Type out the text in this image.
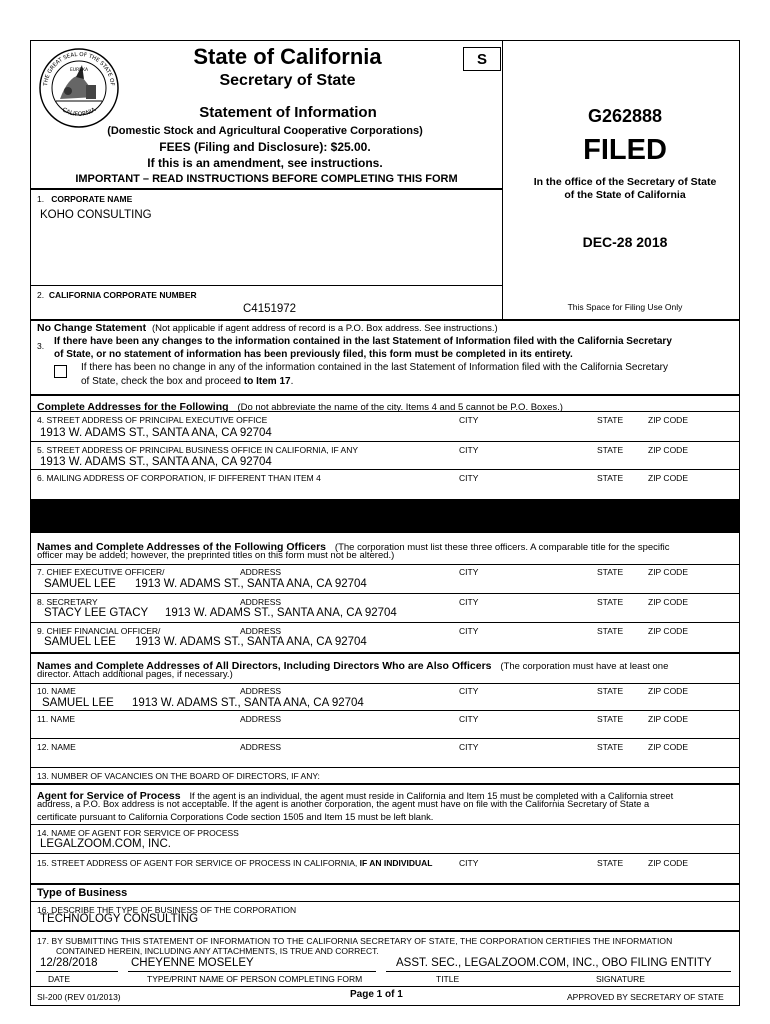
THE GREAT SEAL OF THE STATE OF
CALIFORNIA
EUREKA
State of California
Secretary of State
S
Statement of Information
(Domestic Stock and Agricultural Cooperative Corporations)
FEES (Filing and Disclosure): $25.00.
If this is an amendment, see instructions.
IMPORTANT – READ INSTRUCTIONS BEFORE COMPLETING THIS FORM
G262888
FILED
In the office of the Secretary of State
of the State of California
DEC-28 2018
This Space for Filing Use Only
1. CORPORATE NAME
KOHO CONSULTING
2. CALIFORNIA CORPORATE NUMBER
C4151972
No Change Statement (Not applicable if agent address of record is a P.O. Box address. See instructions.)
3. If there have been any changes to the information contained in the last Statement of Information filed with the California Secretary
of State, or no statement of information has been previously filed, this form must be completed in its entirety.
If there has been no change in any of the information contained in the last Statement of Information filed with the California Secretary
of State, check the box and proceed to Item 17.
Complete Addresses for the Following (Do not abbreviate the name of the city. Items 4 and 5 cannot be P.O. Boxes.)
4. STREET ADDRESS OF PRINCIPAL EXECUTIVE OFFICE	CITY	STATE	ZIP CODE
1913 W. ADAMS ST., SANTA ANA, CA 92704
5. STREET ADDRESS OF PRINCIPAL BUSINESS OFFICE IN CALIFORNIA, IF ANY	CITY	STATE	ZIP CODE
1913 W. ADAMS ST., SANTA ANA, CA 92704
6. MAILING ADDRESS OF CORPORATION, IF DIFFERENT THAN ITEM 4	CITY	STATE	ZIP CODE
Names and Complete Addresses of the Following Officers (The corporation must list these three officers. A comparable title for the specific
officer may be added; however, the preprinted titles on this form must not be altered.)
7. CHIEF EXECUTIVE OFFICER/	ADDRESS	CITY	STATE	ZIP CODE
SAMUEL LEE 1913 W. ADAMS ST., SANTA ANA, CA 92704
8. SECRETARY	ADDRESS	CITY	STATE	ZIP CODE
STACY LEE GTACY 1913 W. ADAMS ST., SANTA ANA, CA 92704
9. CHIEF FINANCIAL OFFICER/	ADDRESS	CITY	STATE	ZIP CODE
SAMUEL LEE 1913 W. ADAMS ST., SANTA ANA, CA 92704
Names and Complete Addresses of All Directors, Including Directors Who are Also Officers (The corporation must have at least one
director. Attach additional pages, if necessary.)
10. NAME	ADDRESS	CITY	STATE	ZIP CODE
SAMUEL LEE 1913 W. ADAMS ST., SANTA ANA, CA 92704
11. NAME	ADDRESS	CITY	STATE	ZIP CODE
12. NAME	ADDRESS	CITY	STATE	ZIP CODE
13. NUMBER OF VACANCIES ON THE BOARD OF DIRECTORS, IF ANY:
Agent for Service of Process If the agent is an individual, the agent must reside in California and Item 15 must be completed with a California street
address, a P.O. Box address is not acceptable. If the agent is another corporation, the agent must have on file with the California Secretary of State a
certificate pursuant to California Corporations Code section 1505 and Item 15 must be left blank.
14. NAME OF AGENT FOR SERVICE OF PROCESS
LEGALZOOM.COM, INC.
15. STREET ADDRESS OF AGENT FOR SERVICE OF PROCESS IN CALIFORNIA, IF AN INDIVIDUAL	CITY	STATE	ZIP CODE
Type of Business
16. DESCRIBE THE TYPE OF BUSINESS OF THE CORPORATION
TECHNOLOGY CONSULTING
17. BY SUBMITTING THIS STATEMENT OF INFORMATION TO THE CALIFORNIA SECRETARY OF STATE, THE CORPORATION CERTIFIES THE INFORMATION
CONTAINED HEREIN, INCLUDING ANY ATTACHMENTS, IS TRUE AND CORRECT.
12/28/2018	CHEYENNE MOSELEY	ASST. SEC., LEGALZOOM.COM, INC., OBO FILING ENTITY
DATE	TYPE/PRINT NAME OF PERSON COMPLETING FORM	TITLE	SIGNATURE
SI-200 (REV 01/2013)	Page 1 of 1	APPROVED BY SECRETARY OF STATE
